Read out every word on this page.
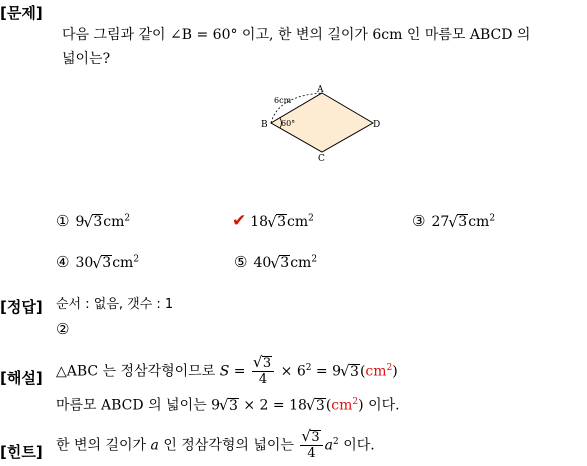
[문제]
[정답]
[해설]
[힌트]
다음 그림과 같이 ∠B = 60° 이고, 한 변의 길이가 6cm 인 마름모 ABCD 의
넓이는?
A
B
C
D
6cm
60°
① 9√ $3cm^2$	✔ 18√ $3cm^2$	③ 27√ $3cm^2$
④ 30√ $3cm^2$	⑤ 40√ $3cm^2$
순서 : 없음, 갯수 : 1
②
△ABC 는 정삼각형이므로 S =
√ $\frac{3}{4} \times 6^2 = 9√$ $3(cm^2)$
마름모 ABCD 의 넓이는 9√ 3 × 2 = 18√ $3(cm^2)$ 이다.
한 변의 길이가 a 인 정삼각형의 넓이는
√ $\frac{3}{4} a^2$ 이다.
